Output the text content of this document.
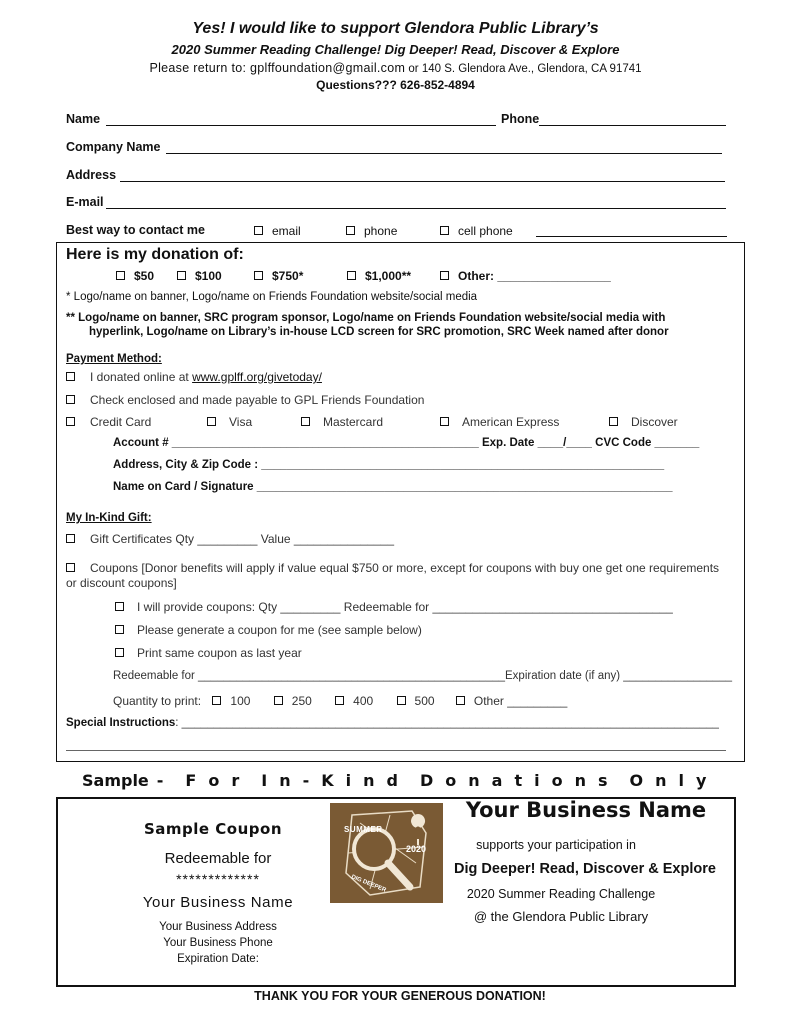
Yes! I would like to support Glendora Public Library’s
2020 Summer Reading Challenge! Dig Deeper! Read, Discover & Explore
Please return to: gplffoundation@gmail.com or 140 S. Glendora Ave., Glendora, CA 91741
Questions??? 626-852-4894
Name	Phone
Company Name
Address
E-mail
Best way to contact me	email	phone	cell phone
Here is my donation of:
$50	$100	$750*	$1,000**	Other: _________________
* Logo/name on banner, Logo/name on Friends Foundation website/social media
** Logo/name on banner, SRC program sponsor, Logo/name on Friends Foundation website/social media with
hyperlink, Logo/name on Library’s in-house LCD screen for SRC promotion, SRC Week named after donor
Payment Method:
I donated online at www.gplff.org/givetoday/
Check enclosed and made payable to GPL Friends Foundation
Credit Card	Visa	Mastercard	American Express	Discover
Account # ________________________________________________ Exp. Date ____/____ CVC Code _______
Address, City & Zip Code : _______________________________________________________________
Name on Card / Signature _________________________________________________________________
My In-Kind Gift:
Gift Certificates Qty _________ Value _______________
Coupons [Donor benefits will apply if value equal $750 or more, except for coupons with buy one get one requirements
or discount coupons]
I will provide coupons: Qty _________ Redeemable for ____________________________________
Please generate a coupon for me (see sample below)
Print same coupon as last year
Redeemable for ________________________________________________Expiration date (if any) _________________
Quantity to print: 100	250	400	500	Other _________
Special Instructions: ____________________________________________________________________________________
Sample - F o r I n - K i n d D o n a t i o n s O n l y
Sample Coupon
Redeemable for
*************
Your Business Name
Your Business Address
Your Business Phone
Expiration Date:
SUMMER
2020
DIG DEEPER
Your Business Name
supports your participation in
Dig Deeper! Read, Discover & Explore
2020 Summer Reading Challenge
@ the Glendora Public Library
THANK YOU FOR YOUR GENEROUS DONATION!
